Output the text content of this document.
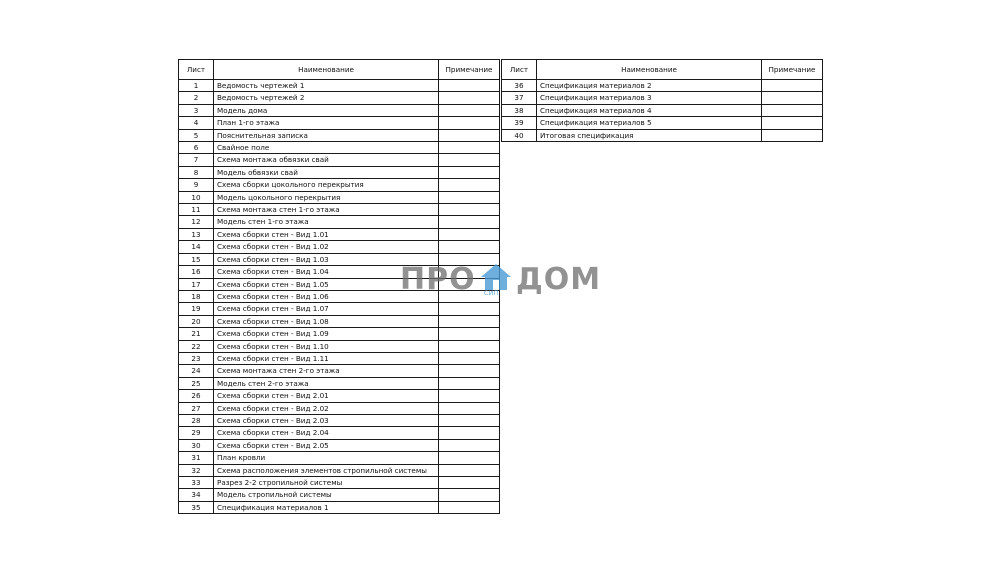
Лист	Наименование	Примечание
1	Ведомость чертежей 1	
2	Ведомость чертежей 2	
3	Модель дома	
4	План 1-го этажа	
5	Пояснительная записка	
6	Свайное поле	
7	Схема монтажа обвязки свай	
8	Модель обвязки свай	
9	Схема сборки цокольного перекрытия	
10	Модель цокольного перекрытия	
11	Схема монтажа стен 1-го этажа	
12	Модель стен 1-го этажа	
13	Схема сборки стен - Вид 1.01	
14	Схема сборки стен - Вид 1.02	
15	Схема сборки стен - Вид 1.03	
16	Схема сборки стен - Вид 1.04	
17	Схема сборки стен - Вид 1.05	
18	Схема сборки стен - Вид 1.06	
19	Схема сборки стен - Вид 1.07	
20	Схема сборки стен - Вид 1.08	
21	Схема сборки стен - Вид 1.09	
22	Схема сборки стен - Вид 1.10	
23	Схема сборки стен - Вид 1.11	
24	Схема монтажа стен 2-го этажа	
25	Модель стен 2-го этажа	
26	Схема сборки стен - Вид 2.01	
27	Схема сборки стен - Вид 2.02	
28	Схема сборки стен - Вид 2.03	
29	Схема сборки стен - Вид 2.04	
30	Схема сборки стен - Вид 2.05	
31	План кровли	
32	Схема расположения элементов стропильной системы	
33	Разрез 2-2 стропильной системы	
34	Модель стропильной системы	
35	Спецификация материалов 1	
Лист	Наименование	Примечание
36	Спецификация материалов 2	
37	Спецификация материалов 3	
38	Спецификация материалов 4	
39	Спецификация материалов 5	
40	Итоговая спецификация	
ПРО СИП ДОМ
